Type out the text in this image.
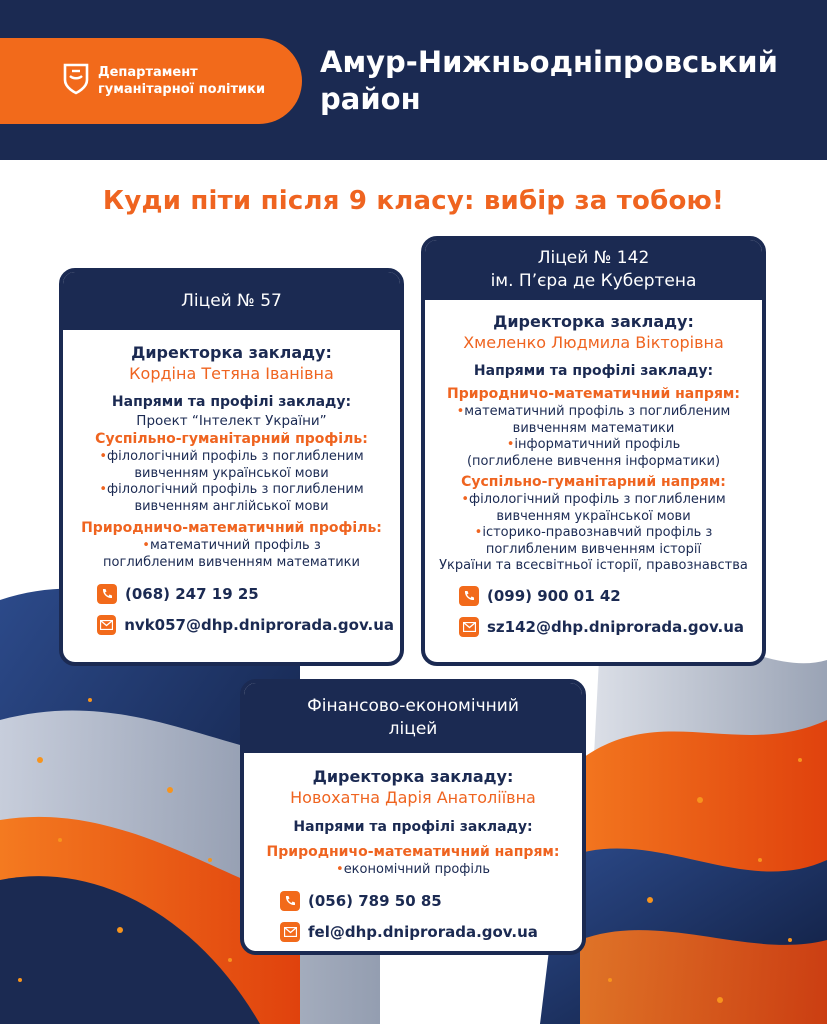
Департамент
гуманітарної політики
Амур-Нижньодніпровський
район
Куди піти після 9 класу: вибір за тобою!
Ліцей № 57
Директорка закладу:
Кордіна Тетяна Іванівна
Напрями та профілі закладу:
Проект “Інтелект України”
Суспільно-гуманітарний профіль:
•філологічний профіль з поглибленим
вивченням української мови
•філологічний профіль з поглибленим
вивченням англійської мови
Природничо-математичний профіль:
•математичний профіль з
поглибленим вивченням математики
(068) 247 19 25
nvk057@dhp.dniprorada.gov.ua
Ліцей № 142
ім. П’єра де Кубертена
Директорка закладу:
Хмеленко Людмила Вікторівна
Напрями та профілі закладу:
Природничо-математичний напрям:
•математичний профіль з поглибленим
вивченням математики
•інформатичний профіль
(поглиблене вивчення інформатики)
Суспільно-гуманітарний напрям:
•філологічний профіль з поглибленим
вивченням української мови
•історико-правознавчий профіль з
поглибленим вивченням історії
України та всесвітньої історії, правознавства
(099) 900 01 42
sz142@dhp.dniprorada.gov.ua
Фінансово-економічний
ліцей
Директорка закладу:
Новохатна Дарія Анатоліївна
Напрями та профілі закладу:
Природничо-математичний напрям:
•економічний профіль
(056) 789 50 85
fel@dhp.dniprorada.gov.ua
